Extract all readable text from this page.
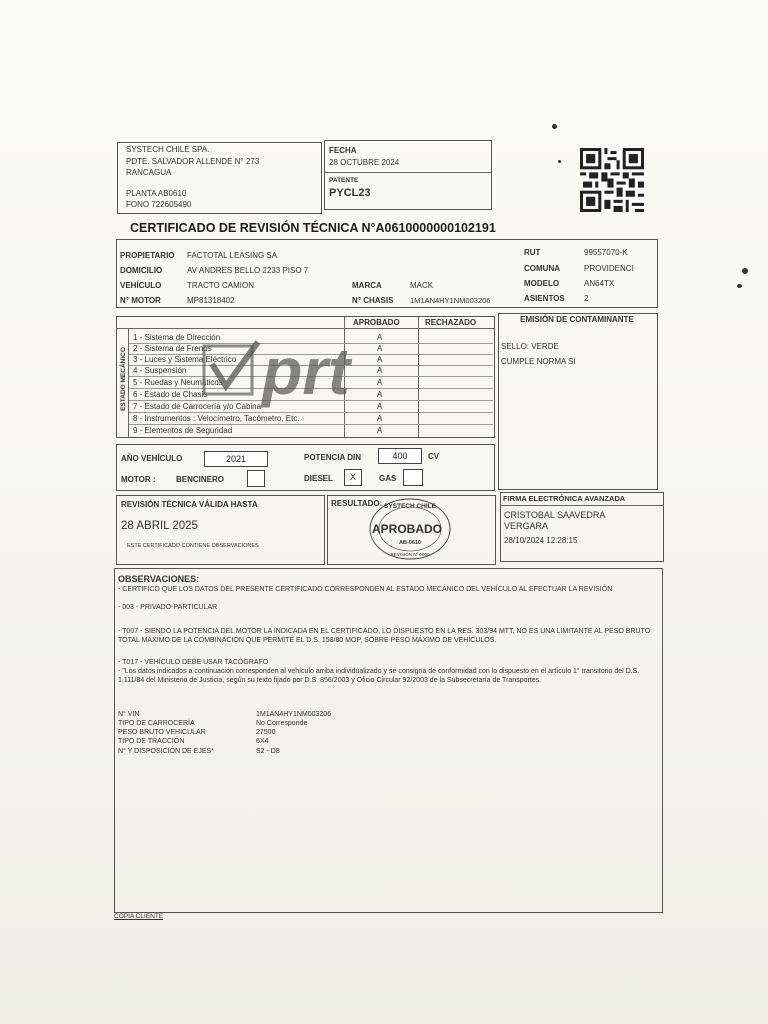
SYSTECH CHILE SPA.
PDTE. SALVADOR ALLENDE N° 273
RANCAGUA
PLANTA AB0610
FONO 722605490
FECHA
28 OCTUBRE 2024
PATENTE
PYCL23
CERTIFICADO DE REVISIÓN TÉCNICA N°A0610000000102191
PROPIETARIO FACTOTAL LEASING SA
DOMICILIO	AV ANDRES BELLO 2233 PISO 7
VEHÍCULO	TRACTO CAMION
N° MOTOR	MP81318402
MARCA	MACK
N° CHASIS 1M1AN4HY1NM003206
RUT	99557070-K
COMUNA	PROVIDENCI
MODELO	AN64TX
ASIENTOS 2
APROBADO	RECHAZADO
ESTADO MECÁNICO
1 - Sistema de Dirección	A
2 - Sistema de Frenos	A
3 - Luces y Sistema Eléctrico	A
4 - Suspensión	A
5 - Ruedas y Neumáticos	A
6 - Estado de Chasis	A
7 - Estado de Carrocería y/o Cabina	A
8 - Instrumentos : Velocímetro, Tacómetro, Etc.	A
9 - Elementos de Seguridad	A
prt
EMISIÓN DE CONTAMINANTE
SELLO: VERDE
CUMPLE NORMA SI
AÑO VEHÍCULO	2021	POTENCIA DIN	400	CV
MOTOR :	BENCINERO	DIESEL	X	GAS
REVISIÓN TÉCNICA VÁLIDA HASTA
28 ABRIL 2025
ESTE CERTIFICADO CONTIENE OBSERVACIONES
RESULTADO: SYSTECH CHILE
AB-0610
REVISIÓN Nº 0000
APROBADO
FIRMA ELECTRÓNICA AVANZADA
CRISTOBAL SAAVEDRA
VERGARA
28/10/2024 12:28:15
OBSERVACIONES:
- CERTIFICO QUE LOS DATOS DEL PRESENTE CERTIFICADO CORRESPONDEN AL ESTADO MECÁNICO DEL VEHÍCULO AL EFECTUAR LA REVISIÓN
- 003 - PRIVADO-PARTICULAR
- T007 - SIENDO LA POTENCIA DEL MOTOR LA INDICADA EN EL CERTIFICADO, LO DISPUESTO EN LA RES. 303/94 MTT, NO ES UNA LIMITANTE AL PESO BRUTO TOTAL MÁXIMO DE LA COMBINACIÓN QUE PERMITE EL D.S. 158/80 MOP, SOBRE PESO MÁXIMO DE VEHÍCULOS.
- T017 - VEHÍCULO DEBE USAR TACÓGRAFO
- "Los datos indicados a continuación corresponden al vehículo arriba individualizado y se consigna de conformidad con lo dispuesto en el artículo 1° transitorio del D.S. 1.111/84 del Ministerio de Justicia, según su texto fijado por D.S. 856/2003 y Oficio Circular 92/2003 de la Subsecretaría de Transportes.
N° VIN	1M1AN4HY1NM003206
TIPO DE CARROCERÍA	No Corresponde
PESO BRUTO VEHICULAR	27500
TIPO DE TRACCIÓN	6X4
N° Y DISPOSICIÓN DE EJES*	S2 - D8
COPIA CLIENTE
